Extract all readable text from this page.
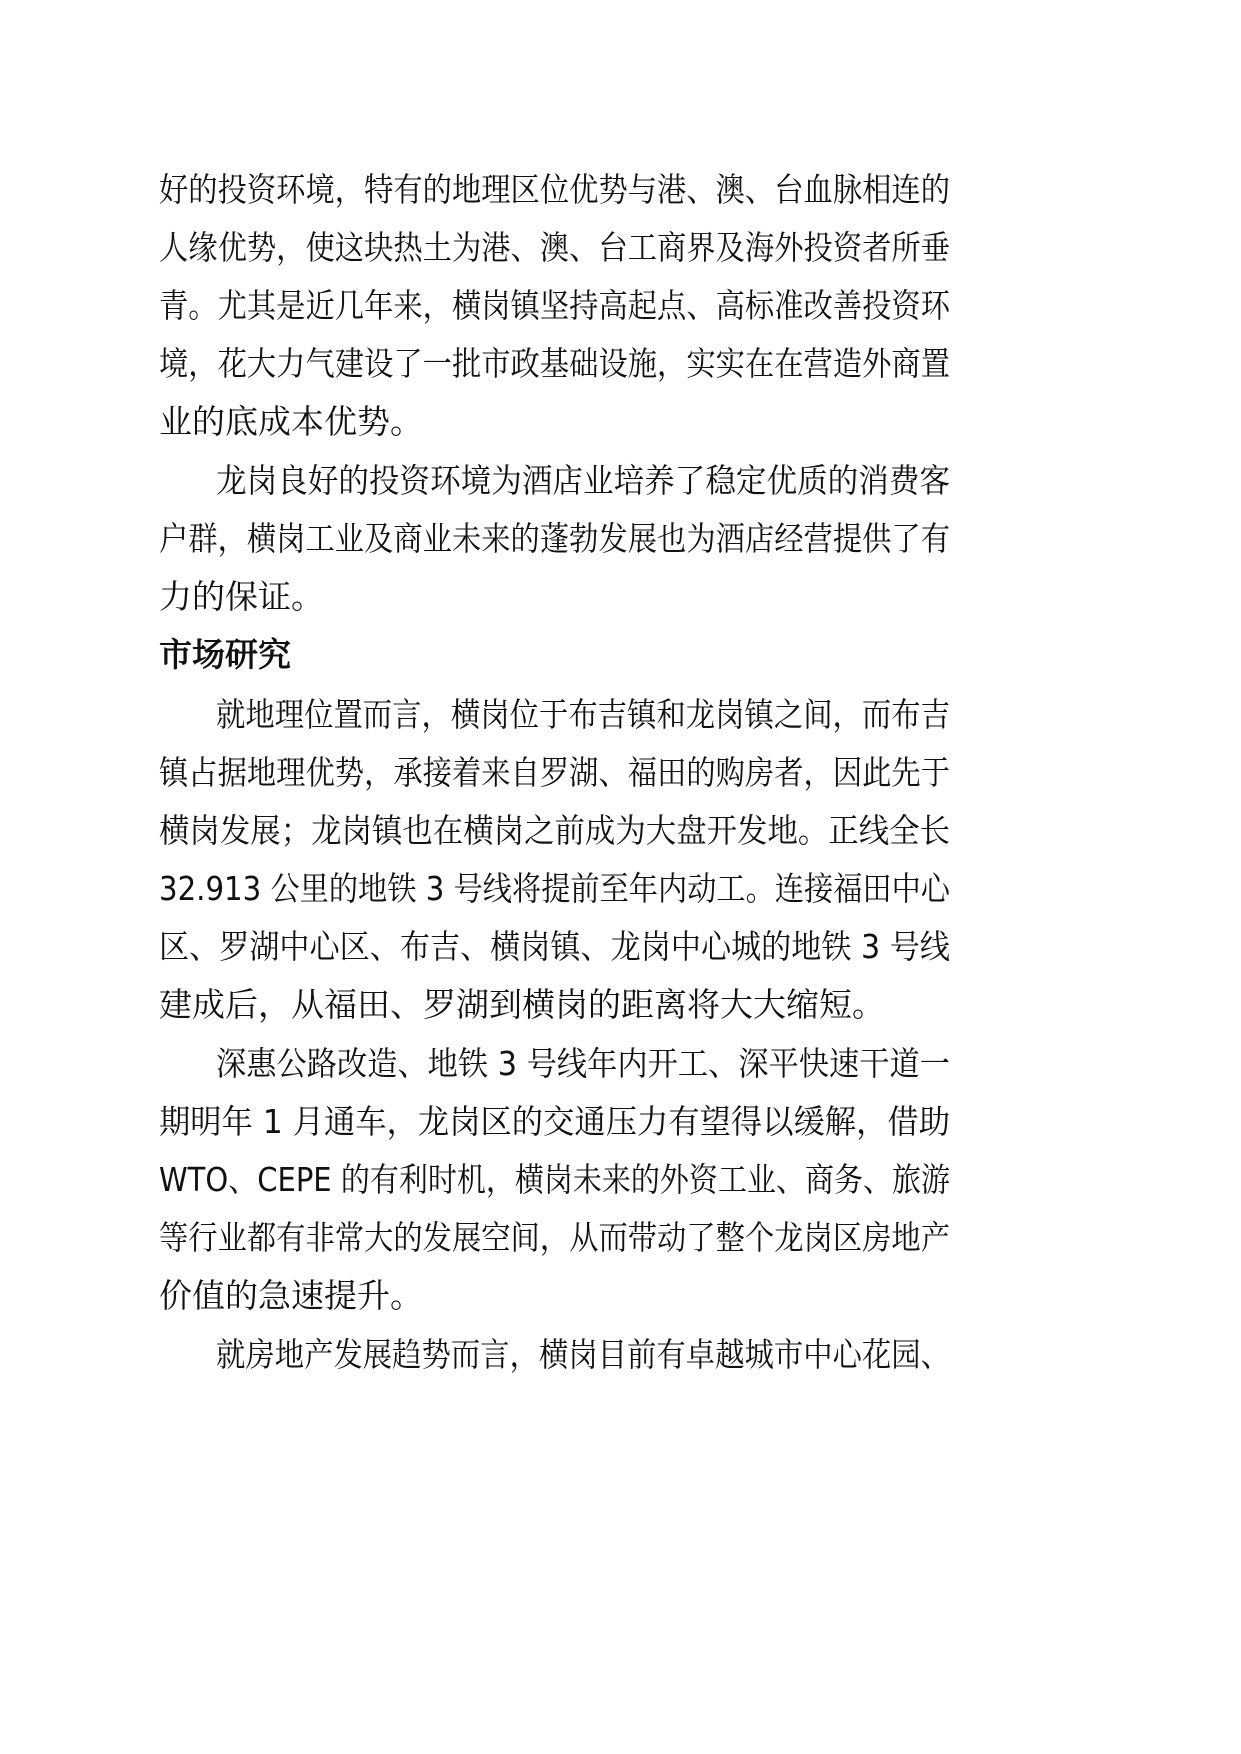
好的投资环境，特有的地理区位优势与港、澳、台血脉相连的

人缘优势，使这块热土为港、澳、台工商界及海外投资者所垂

青。尤其是近几年来，横岗镇坚持高起点、高标准改善投资环

境，花大力气建设了一批市政基础设施，实实在在营造外商置

业的底成本优势。

龙岗良好的投资环境为酒店业培养了稳定优质的消费客

户群，横岗工业及商业未来的蓬勃发展也为酒店经营提供了有

力的保证。

市场研究

就地理位置而言，横岗位于布吉镇和龙岗镇之间，而布吉

镇占据地理优势，承接着来自罗湖、福田的购房者，因此先于

横岗发展；龙岗镇也在横岗之前成为大盘开发地。正线全长

32.913 公里的地铁 3 号线将提前至年内动工。连接福田中心

区、罗湖中心区、布吉、横岗镇、龙岗中心城的地铁 3 号线

建成后，从福田、罗湖到横岗的距离将大大缩短。

深惠公路改造、地铁 3 号线年内开工、深平快速干道一

期明年 1 月通车，龙岗区的交通压力有望得以缓解，借助

WTO、CEPE 的有利时机，横岗未来的外资工业、商务、旅游

等行业都有非常大的发展空间，从而带动了整个龙岗区房地产

价值的急速提升。

就房地产发展趋势而言，横岗目前有卓越城市中心花园、
